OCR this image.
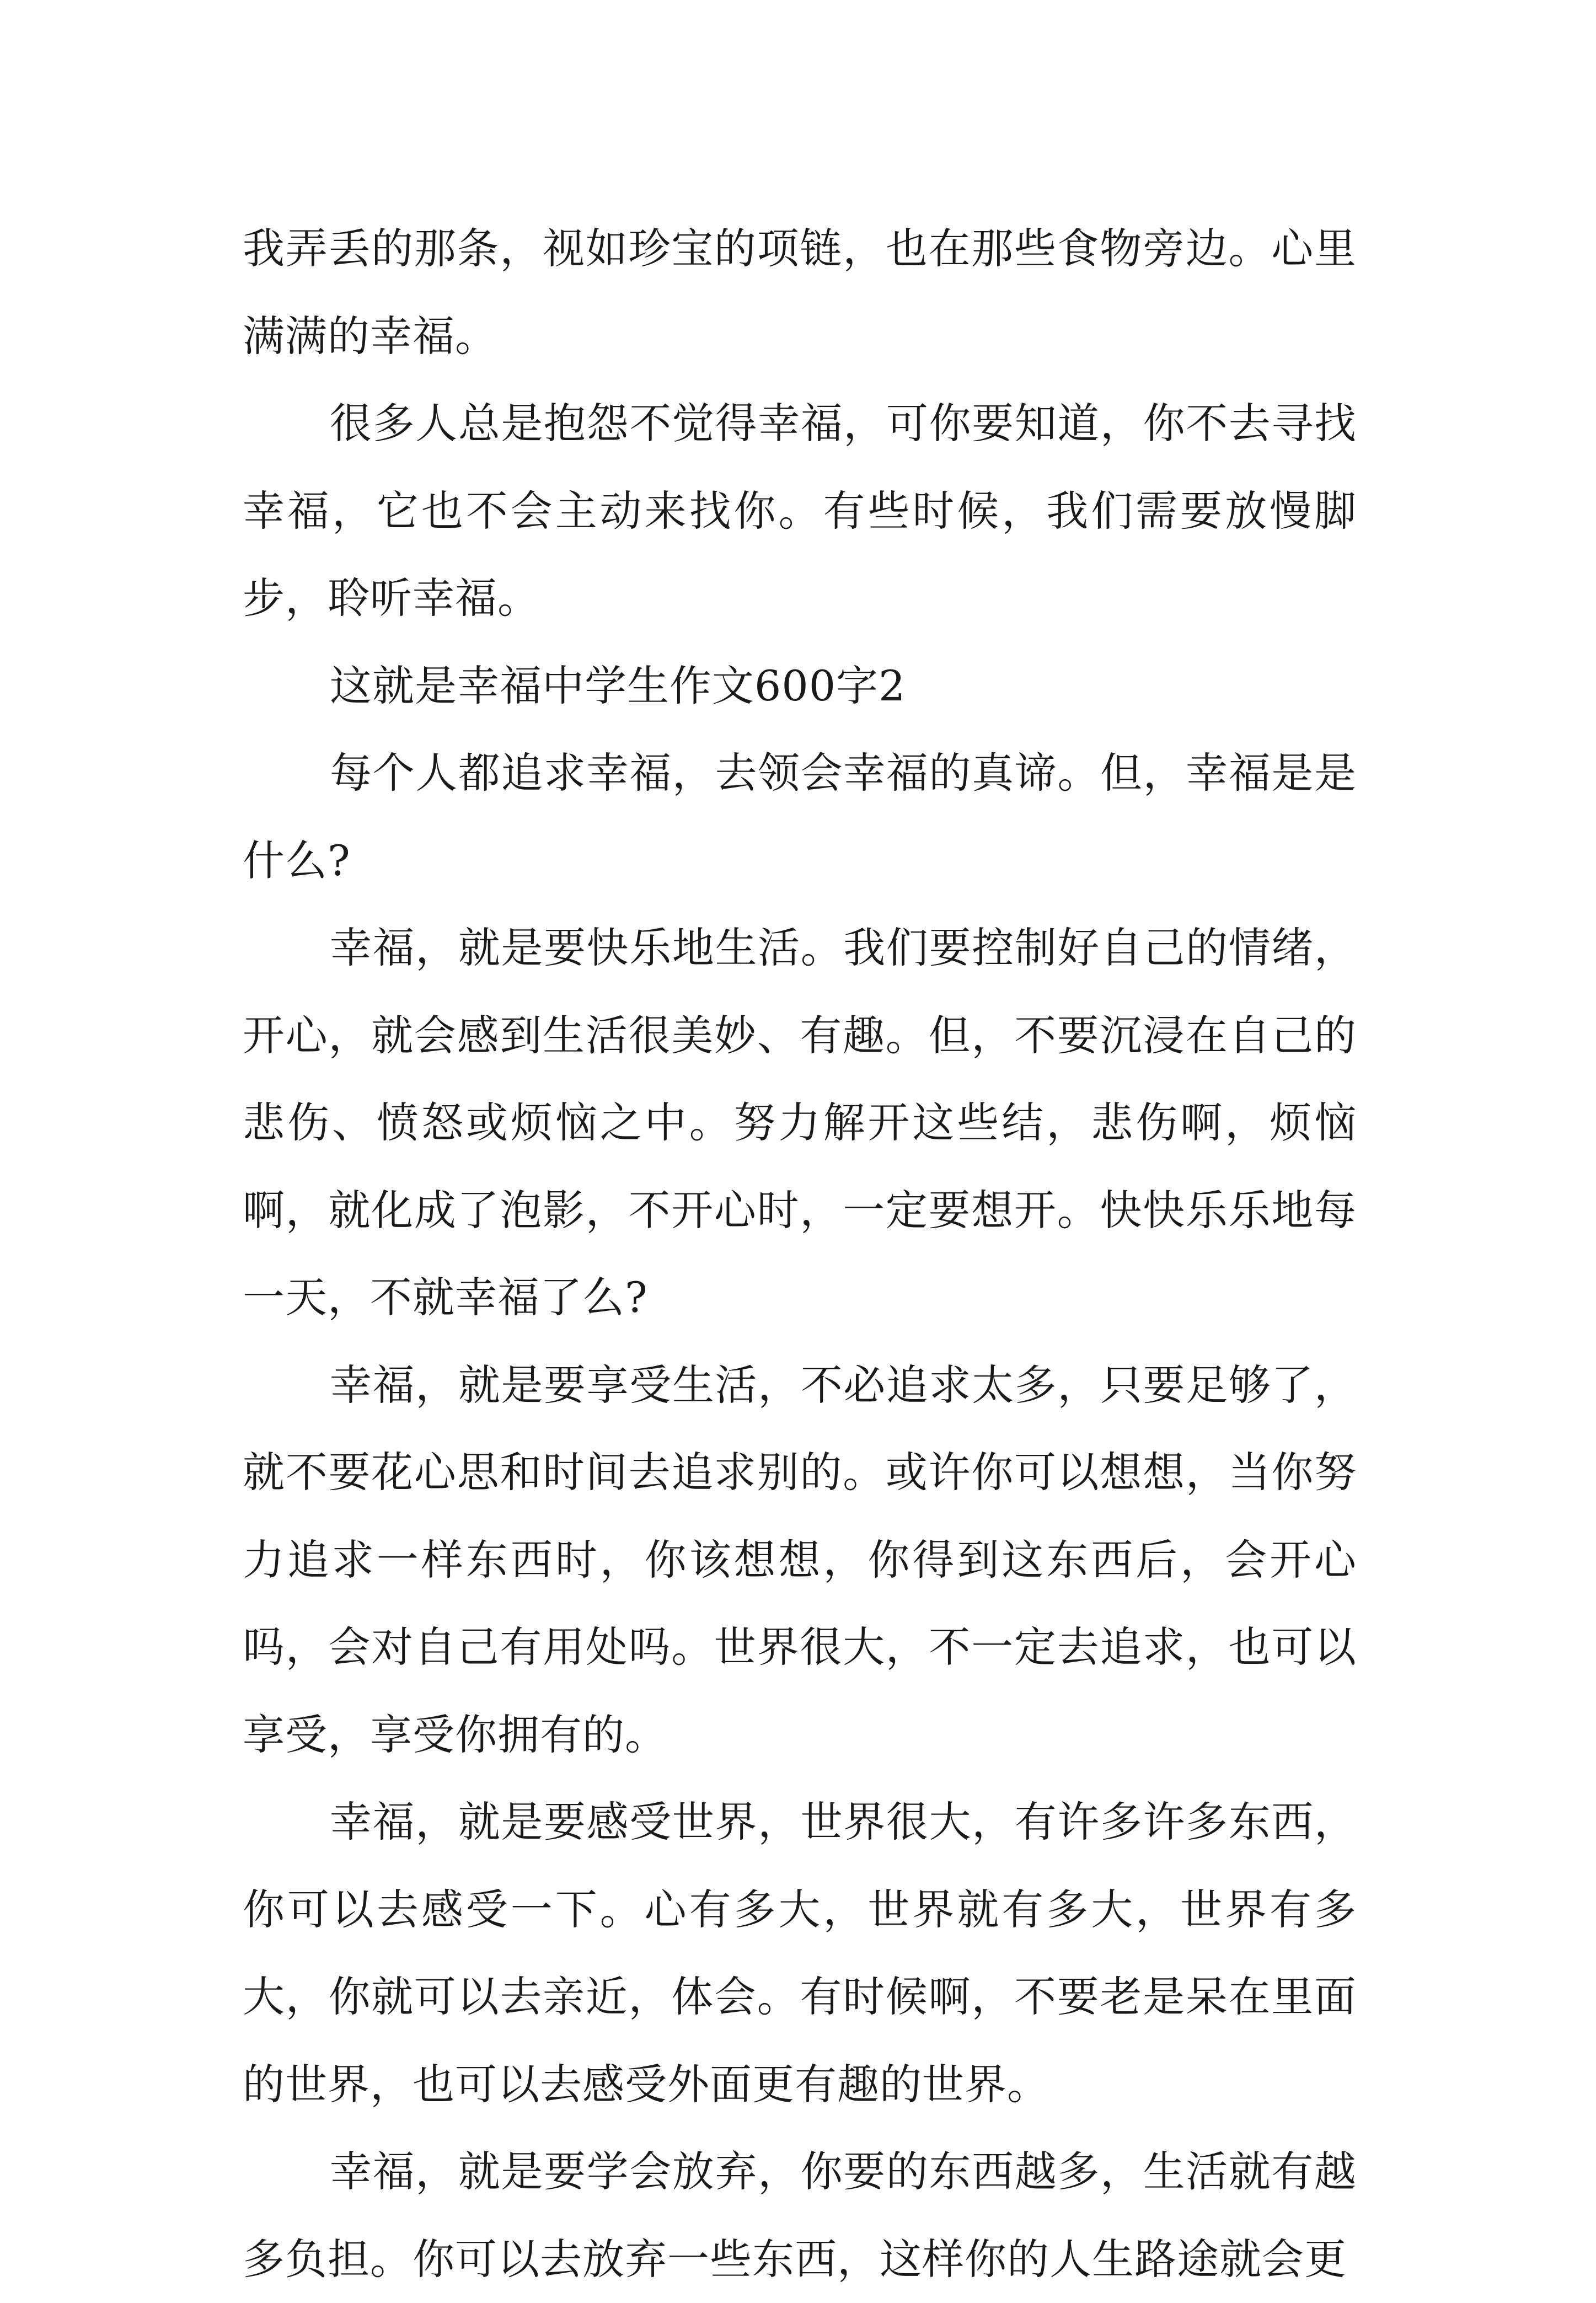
我弄丢的那条，视如珍宝的项链，也在那些食物旁边。心里满满的幸福。

很多人总是抱怨不觉得幸福，可你要知道，你不去寻找幸福，它也不会主动来找你。有些时候，我们需要放慢脚步，聆听幸福。

这就是幸福中学生作文600字2

每个人都追求幸福，去领会幸福的真谛。但，幸福是是什么?

幸福，就是要快乐地生活。我们要控制好自己的情绪，开心，就会感到生活很美妙、有趣。但，不要沉浸在自己的悲伤、愤怒或烦恼之中。努力解开这些结，悲伤啊，烦恼啊，就化成了泡影，不开心时，一定要想开。快快乐乐地每一天，不就幸福了么?

幸福，就是要享受生活，不必追求太多，只要足够了，就不要花心思和时间去追求别的。或许你可以想想，当你努力追求一样东西时，你该想想，你得到这东西后，会开心吗，会对自己有用处吗。世界很大，不一定去追求，也可以享受，享受你拥有的。

幸福，就是要感受世界，世界很大，有许多许多东西，你可以去感受一下。心有多大，世界就有多大，世界有多大，你就可以去亲近，体会。有时候啊，不要老是呆在里面的世界，也可以去感受外面更有趣的世界。

幸福，就是要学会放弃，你要的东西越多，生活就有越多负担。你可以去放弃一些东西，这样你的人生路途就会更
